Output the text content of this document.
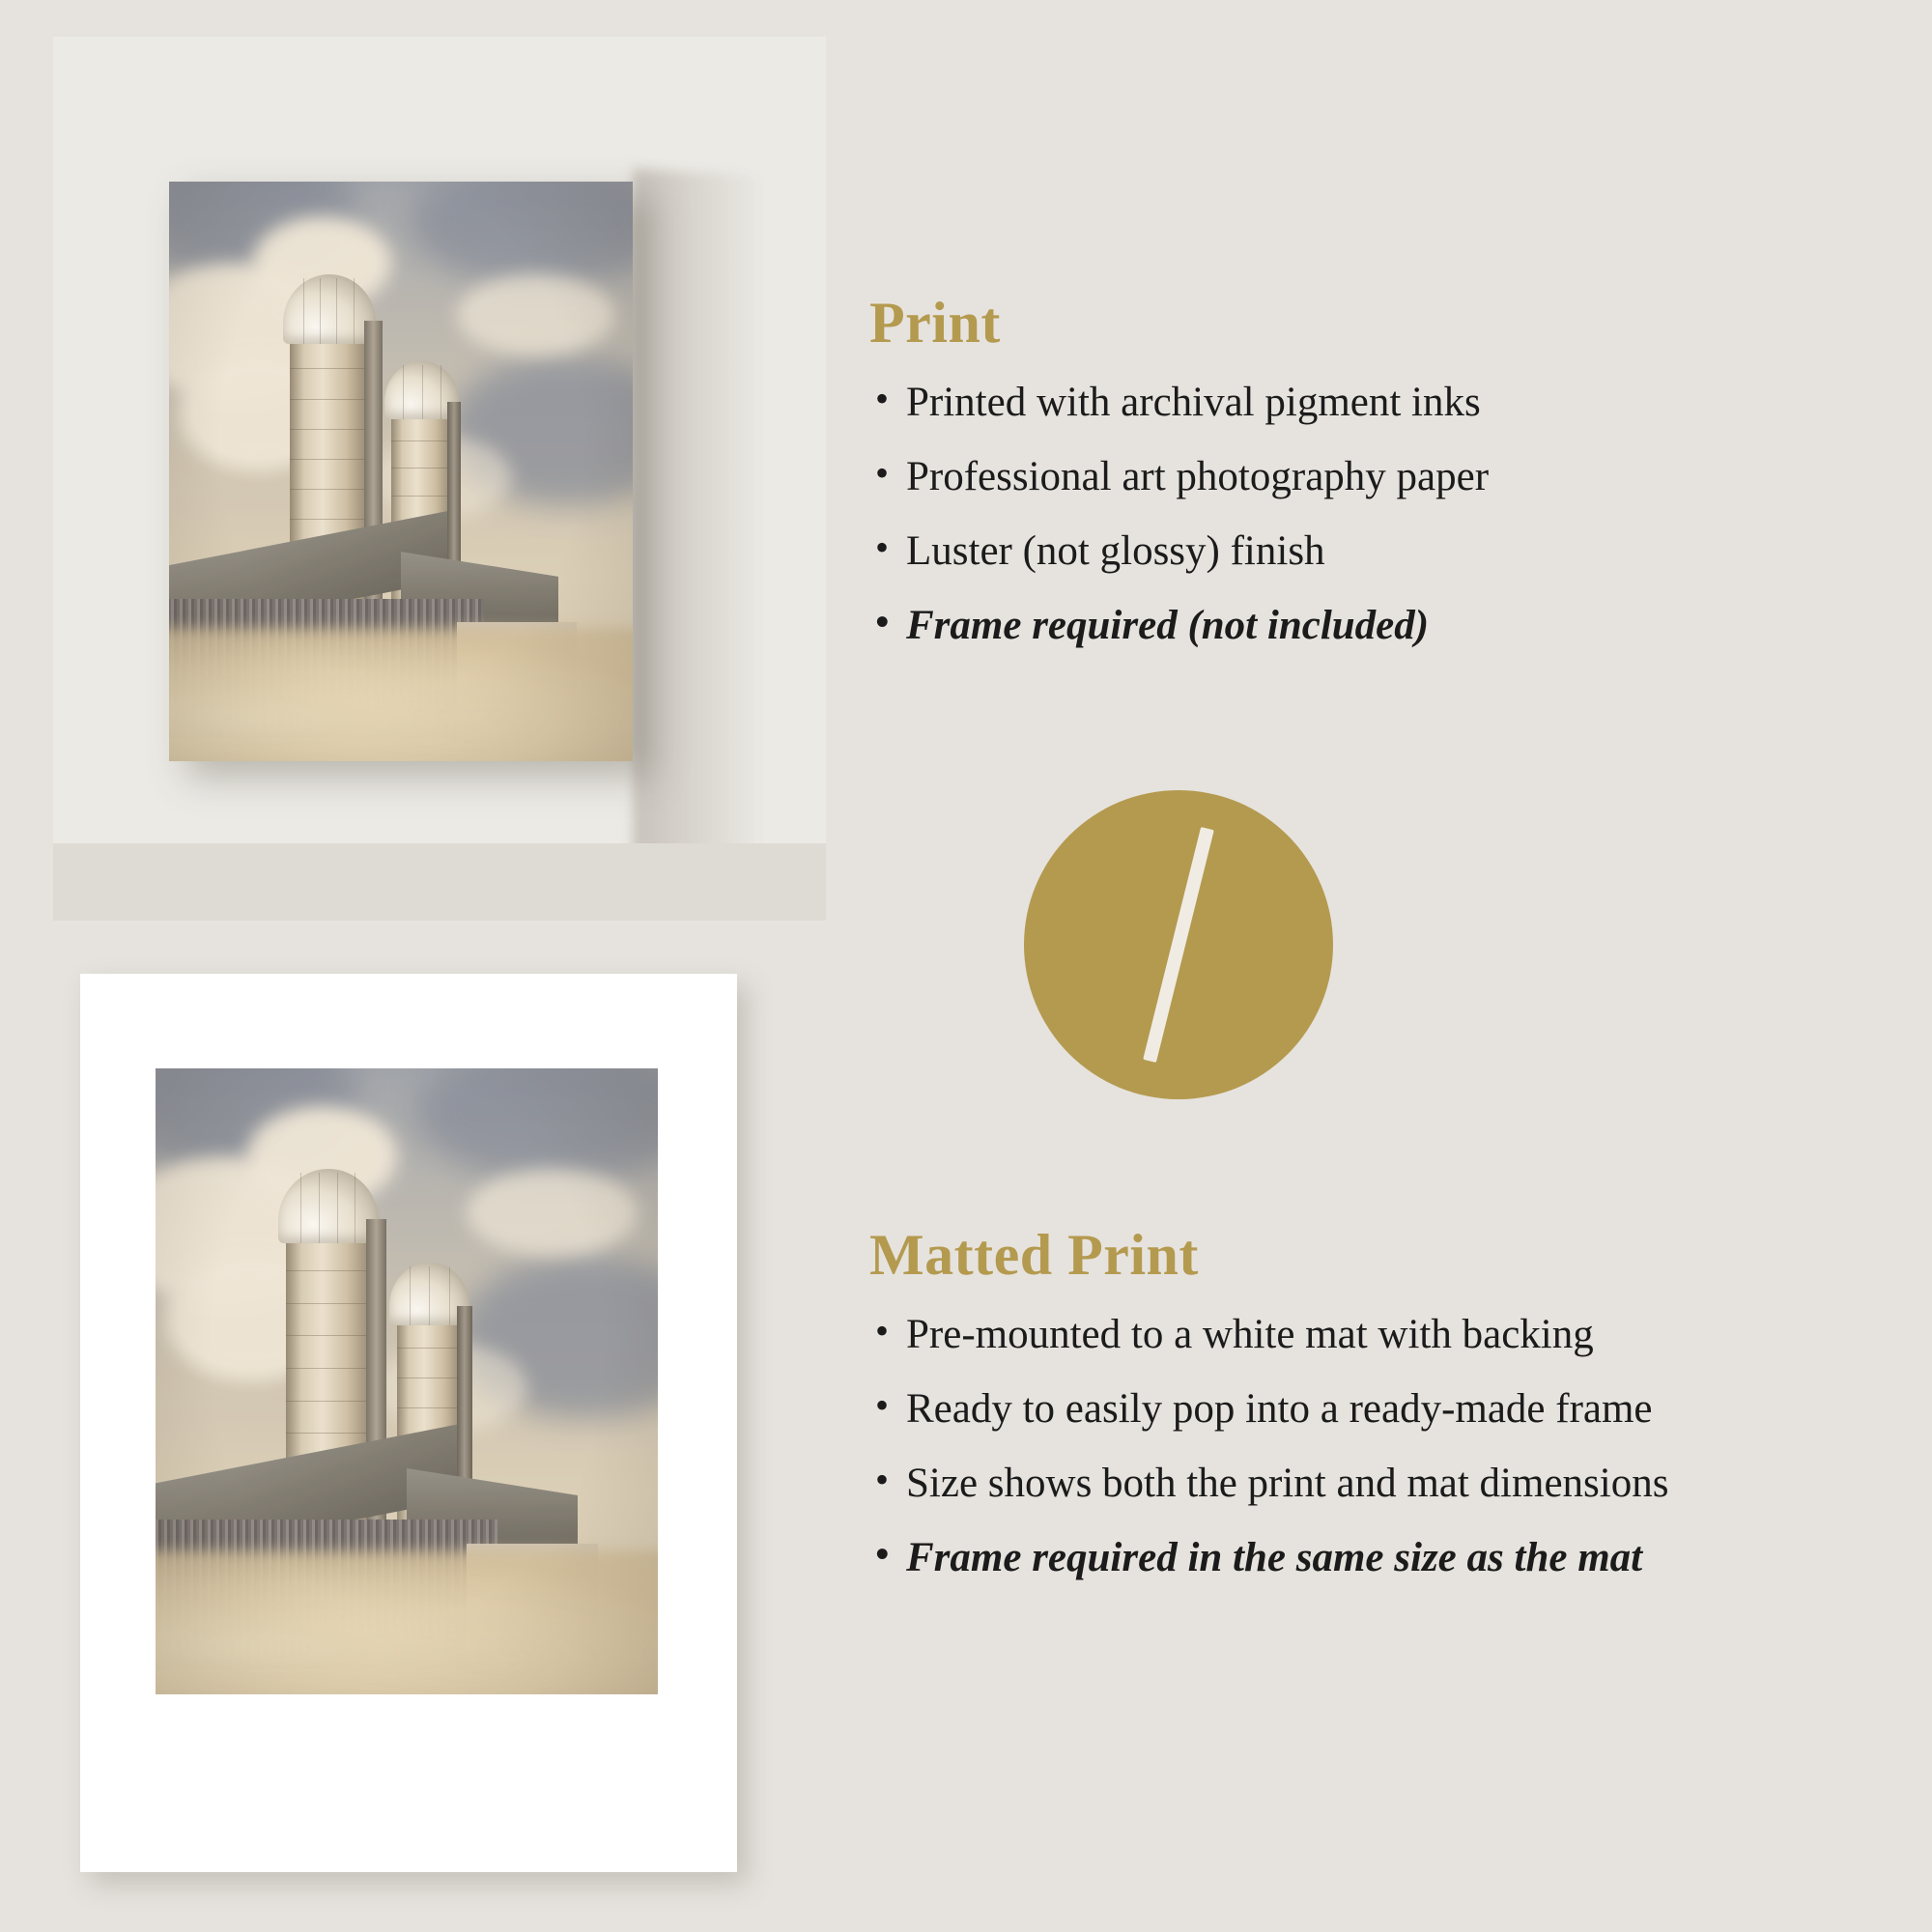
Print
• Printed with archival pigment inks
• Professional art photography paper
• Luster (not glossy) finish
• Frame required (not included)
Matted Print
• Pre-mounted to a white mat with backing
• Ready to easily pop into a ready-made frame
• Size shows both the print and mat dimensions
• Frame required in the same size as the mat
